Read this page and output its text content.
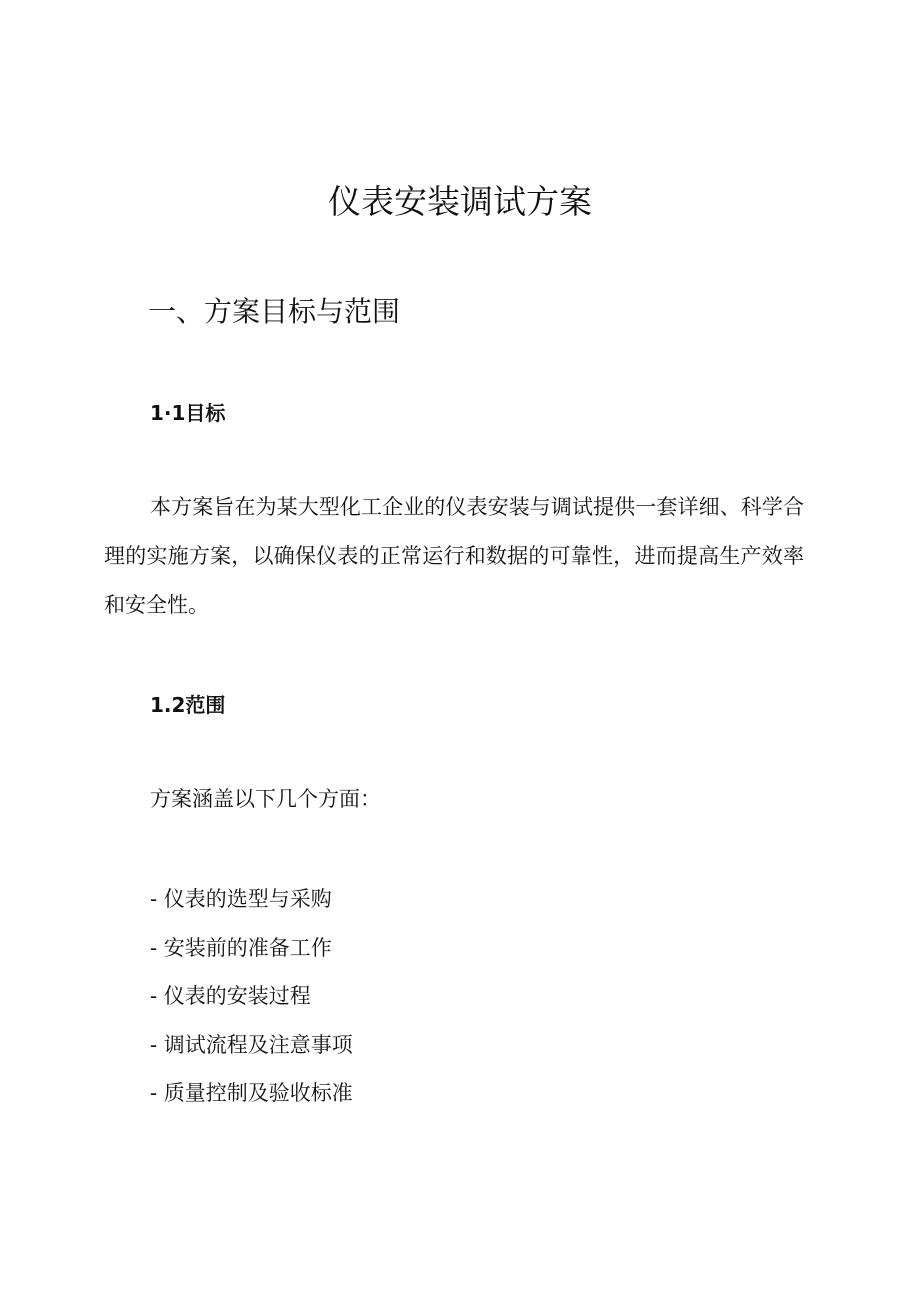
仪表安装调试方案
一、方案目标与范围
1·1目标

本方案旨在为某大型化工企业的仪表安装与调试提供一套详细、科学合理的实施方案，以确保仪表的正常运行和数据的可靠性，进而提高生产效率和安全性。

1.2范围

方案涵盖以下几个方面：

- 仪表的选型与采购
- 安装前的准备工作
- 仪表的安装过程
- 调试流程及注意事项
- 质量控制及验收标准
